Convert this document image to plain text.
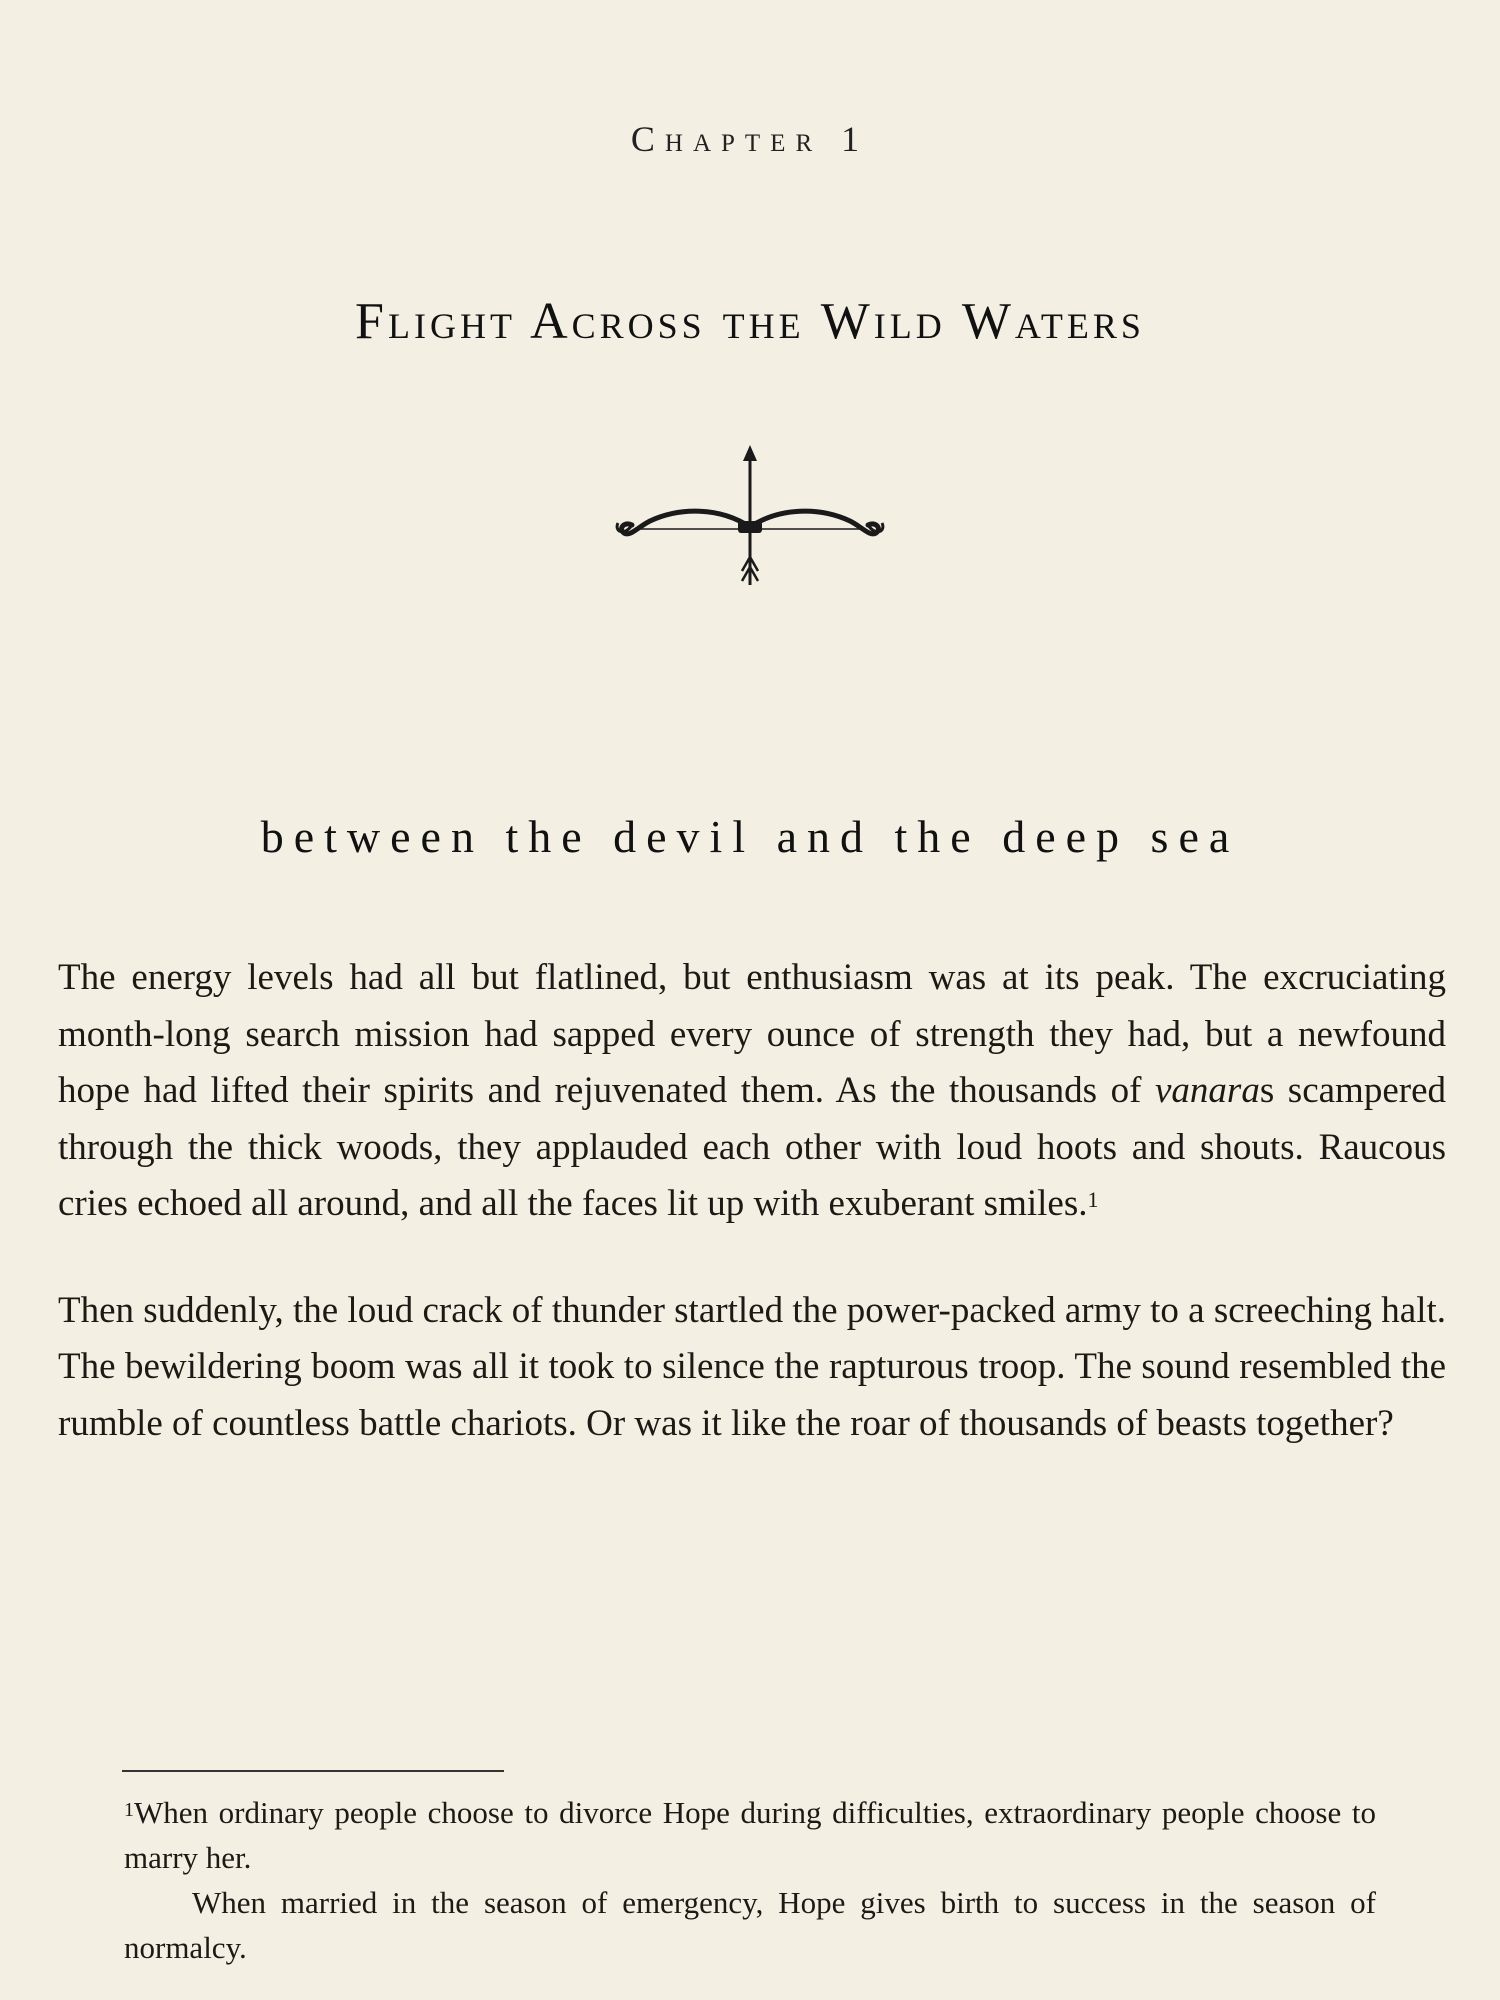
Chapter 1
Flight Across the Wild Waters
between the devil and the deep sea

The energy levels had all but flatlined, but enthusiasm was at its peak. The excruciating month-long search mission had sapped every ounce of strength they had, but a newfound hope had lifted their spirits and rejuvenated them. As the thousands of vanaras scampered through the thick woods, they applauded each other with loud hoots and shouts. Raucous cries echoed all around, and all the faces lit up with exuberant smiles.$^1$

Then suddenly, the loud crack of thunder startled the power-packed army to a screeching halt. The bewildering boom was all it took to silence the rapturous troop. The sound resembled the rumble of countless battle chariots. Or was it like the roar of thousands of beasts together?

$^1$When ordinary people choose to divorce Hope during difficulties, extraordinary people choose to marry her.

When married in the season of emergency, Hope gives birth to success in the season of normalcy.
